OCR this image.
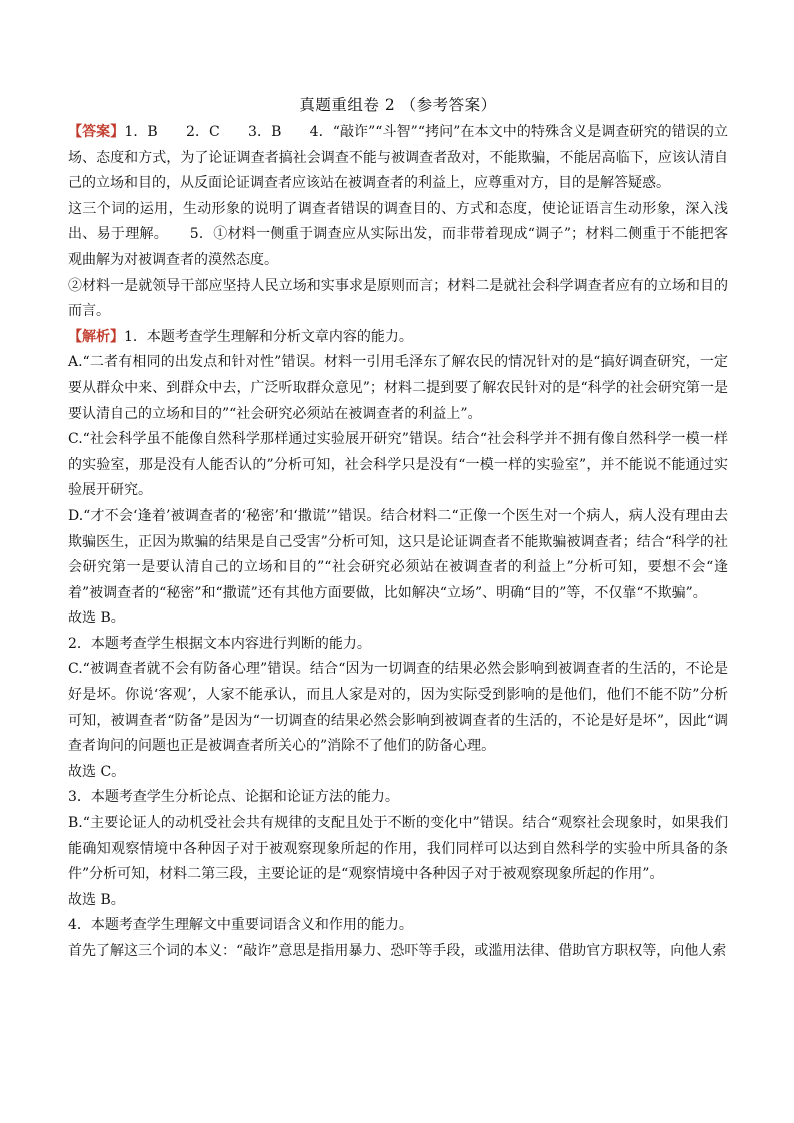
真题重组卷 2 （参考答案）

【答案】1．B　　2．C　　3．B　　4．“敲诈”“斗智”“拷问”在本文中的特殊含义是调查研究的错误的立场、态度和方式，为了论证调查者搞社会调查不能与被调查者敌对，不能欺骗，不能居高临下，应该认清自己的立场和目的，从反面论证调查者应该站在被调查者的利益上，应尊重对方，目的是解答疑惑。

这三个词的运用，生动形象的说明了调查者错误的调查目的、方式和态度，使论证语言生动形象，深入浅出、易于理解。　　5．①材料一侧重于调查应从实际出发，而非带着现成“调子”；材料二侧重于不能把客观曲解为对被调查者的漠然态度。

②材料一是就领导干部应坚持人民立场和实事求是原则而言；材料二是就社会科学调查者应有的立场和目的而言。

【解析】1．本题考查学生理解和分析文章内容的能力。

A.“二者有相同的出发点和针对性”错误。材料一引用毛泽东了解农民的情况针对的是“搞好调查研究，一定要从群众中来、到群众中去，广泛听取群众意见”；材料二提到要了解农民针对的是“科学的社会研究第一是要认清自己的立场和目的”“社会研究必须站在被调查者的利益上”。

C.“社会科学虽不能像自然科学那样通过实验展开研究”错误。结合“社会科学并不拥有像自然科学一模一样的实验室，那是没有人能否认的”分析可知，社会科学只是没有“一模一样的实验室”，并不能说不能通过实验展开研究。

D.“才不会‘逢着’被调查者的‘秘密’和‘撒谎’”错误。结合材料二“正像一个医生对一个病人，病人没有理由去欺骗医生，正因为欺骗的结果是自己受害”分析可知，这只是论证调查者不能欺骗被调查者；结合“科学的社会研究第一是要认清自己的立场和目的”“社会研究必须站在被调查者的利益上”分析可知，要想不会“逢着”被调查者的“秘密”和“撒谎”还有其他方面要做，比如解决“立场”、明确“目的”等，不仅靠“不欺骗”。

故选 B。

2．本题考查学生根据文本内容进行判断的能力。

C.“被调查者就不会有防备心理”错误。结合“因为一切调查的结果必然会影响到被调查者的生活的，不论是好是坏。你说‘客观’，人家不能承认，而且人家是对的，因为实际受到影响的是他们，他们不能不防”分析可知，被调查者“防备”是因为“一切调查的结果必然会影响到被调查者的生活的，不论是好是坏”，因此“调查者询问的问题也正是被调查者所关心的”消除不了他们的防备心理。

故选 C。

3．本题考查学生分析论点、论据和论证方法的能力。

B.“主要论证人的动机受社会共有规律的支配且处于不断的变化中”错误。结合“观察社会现象时，如果我们能确知观察情境中各种因子对于被观察现象所起的作用，我们同样可以达到自然科学的实验中所具备的条件”分析可知，材料二第三段，主要论证的是“观察情境中各种因子对于被观察现象所起的作用”。

故选 B。

4．本题考查学生理解文中重要词语含义和作用的能力。

首先了解这三个词的本义：“敲诈”意思是指用暴力、恐吓等手段，或滥用法律、借助官方职权等，向他人索
